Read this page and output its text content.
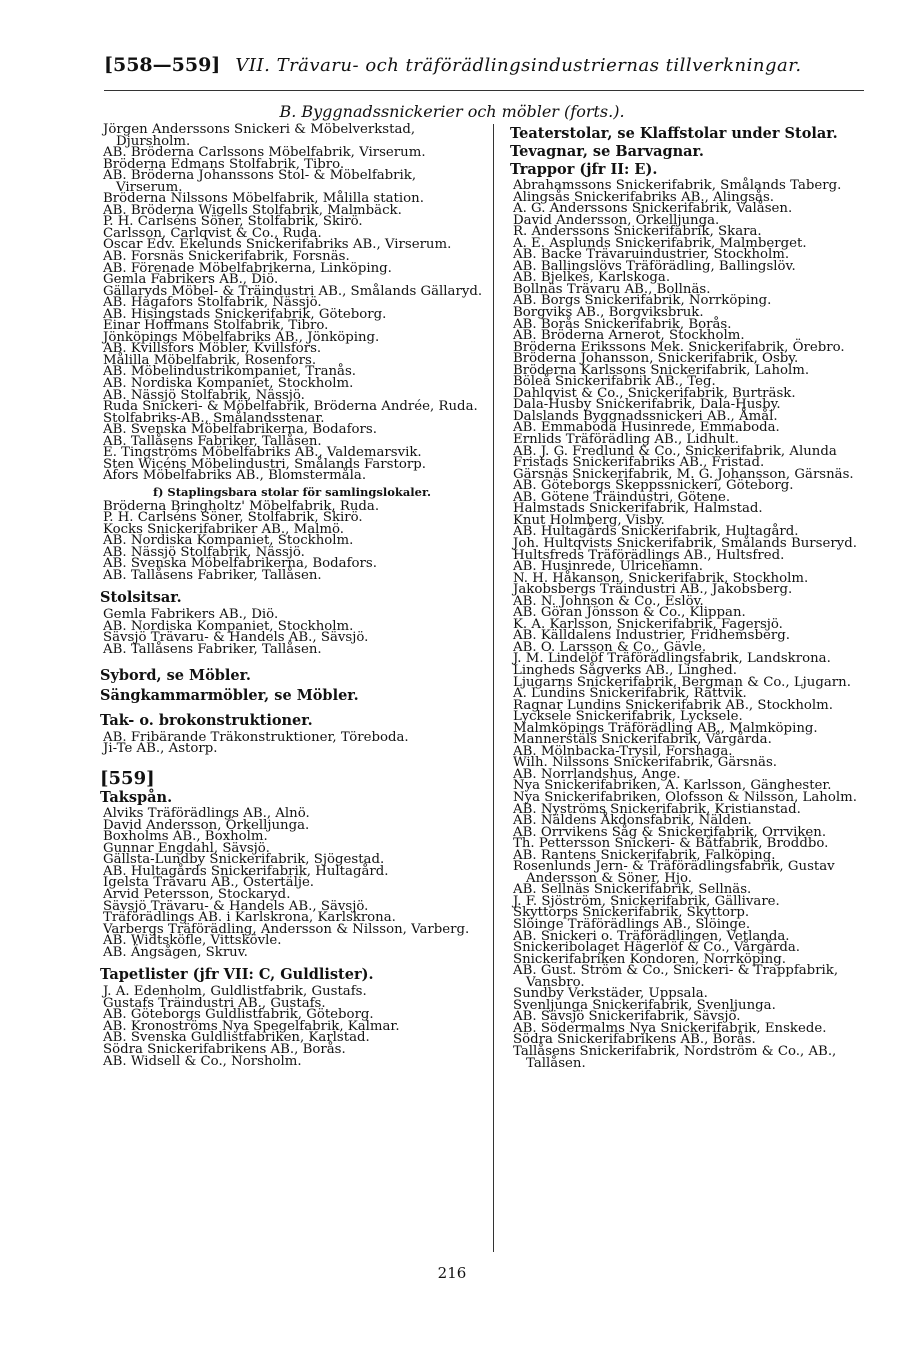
[558—559] VII. Trävaru- och träförädlingsindustriernas tillverkningar.
B. Byggnadssnickerier och möbler (forts.).
Jörgen Anderssons Snickeri & Möbelverkstad, Djursholm.
AB. Bröderna Carlssons Möbelfabrik, Virserum.
Bröderna Edmans Stolfabrik, Tibro.
AB. Bröderna Johanssons Stol- & Möbelfabrik, Virserum.
Bröderna Nilssons Möbelfabrik, Målilla station.
AB. Bröderna Wigells Stolfabrik, Malmbäck.
P. H. Carlséns Söner, Stolfabrik, Skirö.
Carlsson, Carlqvist & Co., Ruda.
Oscar Edv. Ekelunds Snickerifabriks AB., Virserum.
AB. Forsnäs Snickerifabrik, Forsnäs.
AB. Förenade Möbelfabrikerna, Linköping.
Gemla Fabrikers AB., Diö.
Gällaryds Möbel- & Träindustri AB., Smålands Gällaryd.
AB. Hagafors Stolfabrik, Nässjö.
AB. Hisingstads Snickerifabrik, Göteborg.
Einar Hoffmans Stolfabrik, Tibro.
Jönköpings Möbelfabriks AB., Jönköping.
AB. Kvillsfors Möbler, Kvillsfors.
Målilla Möbelfabrik, Rosenfors.
AB. Möbelindustrikompaniet, Tranås.
AB. Nordiska Kompaniet, Stockholm.
AB. Nässjö Stolfabrik, Nässjö.
Ruda Snickeri- & Möbelfabrik, Bröderna Andrée, Ruda.
Stolfabriks-AB., Smålandsstenar.
AB. Svenska Möbelfabrikerna, Bodafors.
AB. Tallåsens Fabriker, Tallåsen.
E. Tingströms Möbelfabriks AB., Valdemarsvik.
Sten Wicéns Möbelindustri, Smålands Farstorp.
Afors Möbelfabriks AB., Blomstermåla.
f) Staplingsbara stolar för samlingslokaler.
Bröderna Bringholtz' Möbelfabrik, Ruda.
P. H. Carlséns Söner, Stolfabrik, Skirö.
Kocks Snickerifabriker AB., Malmö.
AB. Nordiska Kompaniet, Stockholm.
AB. Nässjö Stolfabrik, Nässjö.
AB. Svenska Möbelfabrikerna, Bodafors.
AB. Tallåsens Fabriker, Tallåsen.
Stolsitsar.
Gemla Fabrikers AB., Diö.
AB. Nordiska Kompaniet, Stockholm.
Sävsjö Trävaru- & Handels AB., Sävsjö.
AB. Tallåsens Fabriker, Tallåsen.
Sybord, se Möbler.
Sängkammarmöbler, se Möbler.
Tak- o. brokonstruktioner.
AB. Fribärande Träkonstruktioner, Töreboda.
Ji-Te AB., Astorp.
[559]
Takspån.
Alviks Träförädlings AB., Alnö.
David Andersson, Örkelljunga.
Boxholms AB., Boxholm.
Gunnar Engdahl, Sävsjö.
Gällsta-Lundby Snickerifabrik, Sjögestad.
AB. Hultagårds Snickerifabrik, Hultagård.
Igelsta Trävaru AB., Östertälje.
Arvid Petersson, Stockaryd.
Sävsjö Trävaru- & Handels AB., Sävsjö.
Träförädlings AB. i Karlskrona, Karlskrona.
Varbergs Träförädling, Andersson & Nilsson, Varberg.
AB. Widtsköfle, Vittskövle.
AB. Ängsågen, Skruv.
Tapetlister (jfr VII: C, Guldlister).
J. A. Edenholm, Guldlistfabrik, Gustafs.
Gustafs Träindustri AB., Gustafs.
AB. Göteborgs Guldlistfabrik, Göteborg.
AB. Kronoströms Nya Spegelfabrik, Kalmar.
AB. Svenska Guldlistfabriken, Karlstad.
Södra Snickerifabrikens AB., Borås.
AB. Widsell & Co., Norsholm.
Teaterstolar, se Klaffstolar under Stolar.
Tevagnar, se Barvagnar.
Trappor (jfr II: E).
Abrahamssons Snickerifabrik, Smålands Taberg.
Alingsås Snickerifabriks AB., Alingsås.
A. G. Anderssons Snickerifabrik, Valåsen.
David Andersson, Örkelljunga.
R. Anderssons Snickerifabrik, Skara.
A. E. Asplunds Snickerifabrik, Malmberget.
AB. Backe Trävaruindustrier, Stockholm.
AB. Ballingslövs Träförädling, Ballingslöv.
AB. Bjelkes, Karlskoga.
Bollnäs Trävaru AB., Bollnäs.
AB. Borgs Snickerifabrik, Norrköping.
Borgviks AB., Borgviksbruk.
AB. Borås Snickerifabrik, Borås.
AB. Bröderna Arnerot, Stockholm.
Bröderna Erikssons Mek. Snickerifabrik, Örebro.
Bröderna Johansson, Snickerifabrik, Osby.
Bröderna Karlssons Snickerifabrik, Laholm.
Böleå Snickerifabrik AB., Teg.
Dahlqvist & Co., Snickerifabrik, Burträsk.
Dala-Husby Snickerifabrik, Dala-Husby.
Dalslands Byggnadssnickeri AB., Åmål.
AB. Emmaboda Husinrede, Emmaboda.
Ernlids Träförädling AB., Lidhult.
AB. J. G. Fredlund & Co., Snickerifabrik, Alunda
Fristads Snickerifabriks AB., Fristad.
Gärsnäs Snickerifabrik, M. G. Johansson, Gärsnäs.
AB. Göteborgs Skeppssnickeri, Göteborg.
AB. Götene Träindustri, Götene.
Halmstads Snickerifabrik, Halmstad.
Knut Holmberg, Visby.
AB. Hultagårds Snickerifabrik, Hultagård.
Joh. Hultqvists Snickerifabrik, Smålands Burseryd.
Hultsfreds Träförädlings AB., Hultsfred.
AB. Husinrede, Ulricehamn.
N. H. Håkanson, Snickerifabrik, Stockholm.
Jakobsbergs Träindustri AB., Jakobsberg.
AB. N. Johnson & Co., Eslöv.
AB. Göran Jönsson & Co., Klippan.
K. A. Karlsson, Snickerifabrik, Fagersjö.
AB. Källdalens Industrier, Fridhemsberg.
AB. O. Larsson & Co., Gävle.
J. M. Lindelöf Träförädlingsfabrik, Landskrona.
Lingheds Sågverks AB., Linghed.
Ljugarns Snickerifabrik, Bergman & Co., Ljugarn.
A. Lundins Snickerifabrik, Rättvik.
Ragnar Lundins Snickerifabrik AB., Stockholm.
Lycksele Snickerifabrik, Lycksele.
Malmköpings Träförädling AB., Malmköping.
Mannerstäls Snickerifabrik, Vårgårda.
AB. Mölnbacka-Trysil, Forshaga.
Wilh. Nilssons Snickerifabrik, Gärsnäs.
AB. Norrlandshus, Ange.
Nya Snickerifabriken, A. Karlsson, Gänghester.
Nya Snickerifabriken, Olofsson & Nilsson, Laholm.
AB. Nyströms Snickerifabrik, Kristianstad.
AB. Näldens Åkdonsfabrik, Nälden.
AB. Orrvikens Såg & Snickerifabrik, Orrviken.
Th. Pettersson Snickeri- & Båtfabrik, Broddbo.
AB. Rantens Snickerifabrik, Falköping.
Rosenlunds Jern- & Träförädlingsfabrik, Gustav Andersson & Söner, Hjo.
AB. Sellnäs Snickerifabrik, Sellnäs.
J. F. Sjöström, Snickerifabrik, Gällivare.
Skyttorps Snickerifabrik, Skyttorp.
Slöinge Träförädlings AB., Slöinge.
AB. Snickeri o. Träförädlingen, Vetlanda.
Snickeribolaget Hägerlöf & Co., Vårgårda.
Snickerifabriken Kondoren, Norrköping.
AB. Gust. Ström & Co., Snickeri- & Trappfabrik, Vansbro.
Sundby Verkstäder, Uppsala.
Svenljunga Snickerifabrik, Svenljunga.
AB. Sävsjö Snickerifabrik, Sävsjö.
AB. Södermalms Nya Snickerifabrik, Enskede.
Södra Snickerifabrikens AB., Borås.
Tallåsens Snickerifabrik, Nordström & Co., AB., Tallåsen.
216
